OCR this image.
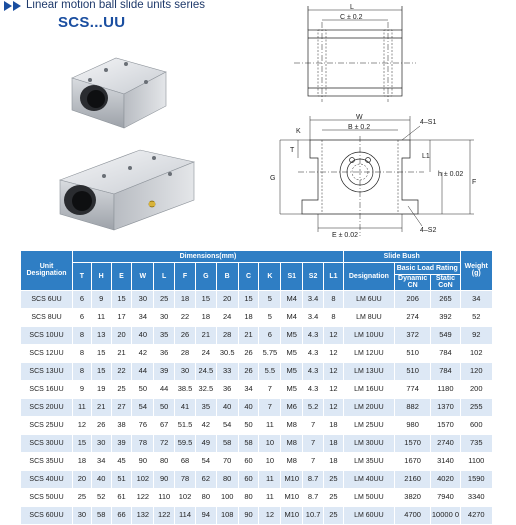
Linear motion ball slide units series
SCS...UU
L
C ± 0.2
W
B ± 0.2
K
4–S1
T
G
L1
h ± 0.02
F
4–S2
E ± 0.02
Unit Designation	Dimensions(mm)													Slide Bush			Weight (g)
	T	H	E	W	L	F	G	B	C	K	S1	S2	L1	Designation	Basic Load Rating		
															Dynamic CN	Static CoN	
SCS 6UU	6	9	15	30	25	18	15	20	15	5	M4	3.4	8	LM 6UU	206	265	34
SCS 8UU	6	11	17	34	30	22	18	24	18	5	M4	3.4	8	LM 8UU	274	392	52
SCS 10UU	8	13	20	40	35	26	21	28	21	6	M5	4.3	12	LM 10UU	372	549	92
SCS 12UU	8	15	21	42	36	28	24	30.5	26	5.75	M5	4.3	12	LM 12UU	510	784	102
SCS 13UU	8	15	22	44	39	30	24.5	33	26	5.5	M5	4.3	12	LM 13UU	510	784	120
SCS 16UU	9	19	25	50	44	38.5	32.5	36	34	7	M5	4.3	12	LM 16UU	774	1180	200
SCS 20UU	11	21	27	54	50	41	35	40	40	7	M6	5.2	12	LM 20UU	882	1370	255
SCS 25UU	12	26	38	76	67	51.5	42	54	50	11	M8	7	18	LM 25UU	980	1570	600
SCS 30UU	15	30	39	78	72	59.5	49	58	58	10	M8	7	18	LM 30UU	1570	2740	735
SCS 35UU	18	34	45	90	80	68	54	70	60	10	M8	7	18	LM 35UU	1670	3140	1100
SCS 40UU	20	40	51	102	90	78	62	80	60	11	M10	8.7	25	LM 40UU	2160	4020	1590
SCS 50UU	25	52	61	122	110	102	80	100	80	11	M10	8.7	25	LM 50UU	3820	7940	3340
SCS 60UU	30	58	66	132	122	114	94	108	90	12	M10	10.7	25	LM 60UU	4700	10000 0	4270
